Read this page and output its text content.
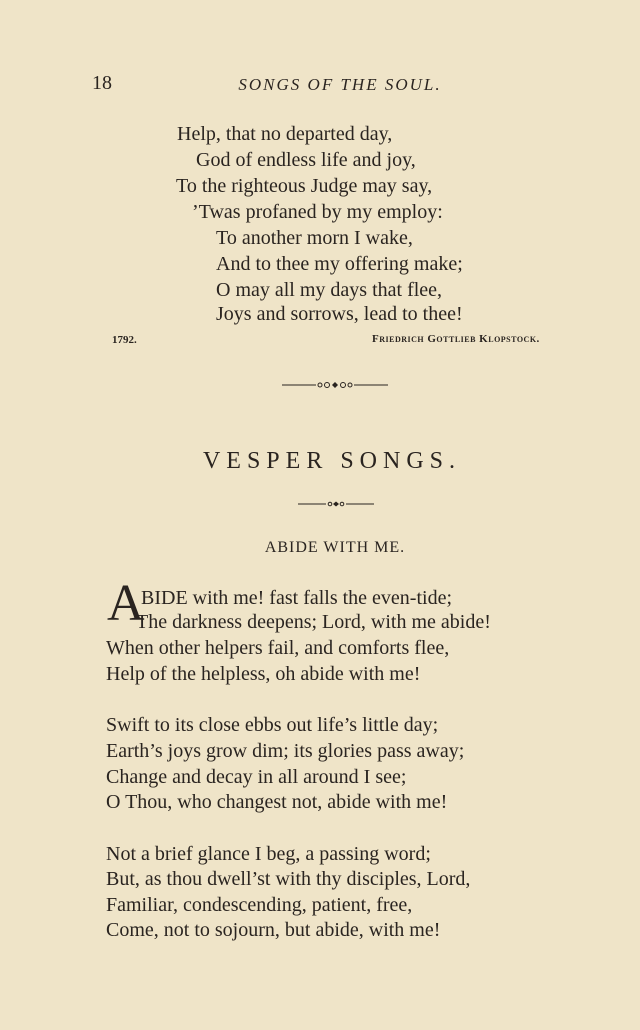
18	SONGS OF THE SOUL.
Help, that no departed day,
God of endless life and joy,
To the righteous Judge may say,
’Twas profaned by my employ:
To another morn I wake,
And to thee my offering make;
O may all my days that flee,
Joys and sorrows, lead to thee!
1792.	Friedrich Gottlieb Klopstock.
VESPER SONGS.
ABIDE WITH ME.
A
BIDE with me! fast falls the even-tide;
The darkness deepens; Lord, with me abide!
When other helpers fail, and comforts flee,
Help of the helpless, oh abide with me!
Swift to its close ebbs out life’s little day;
Earth’s joys grow dim; its glories pass away;
Change and decay in all around I see;
O Thou, who changest not, abide with me!
Not a brief glance I beg, a passing word;
But, as thou dwell’st with thy disciples, Lord,
Familiar, condescending, patient, free,
Come, not to sojourn, but abide, with me!
